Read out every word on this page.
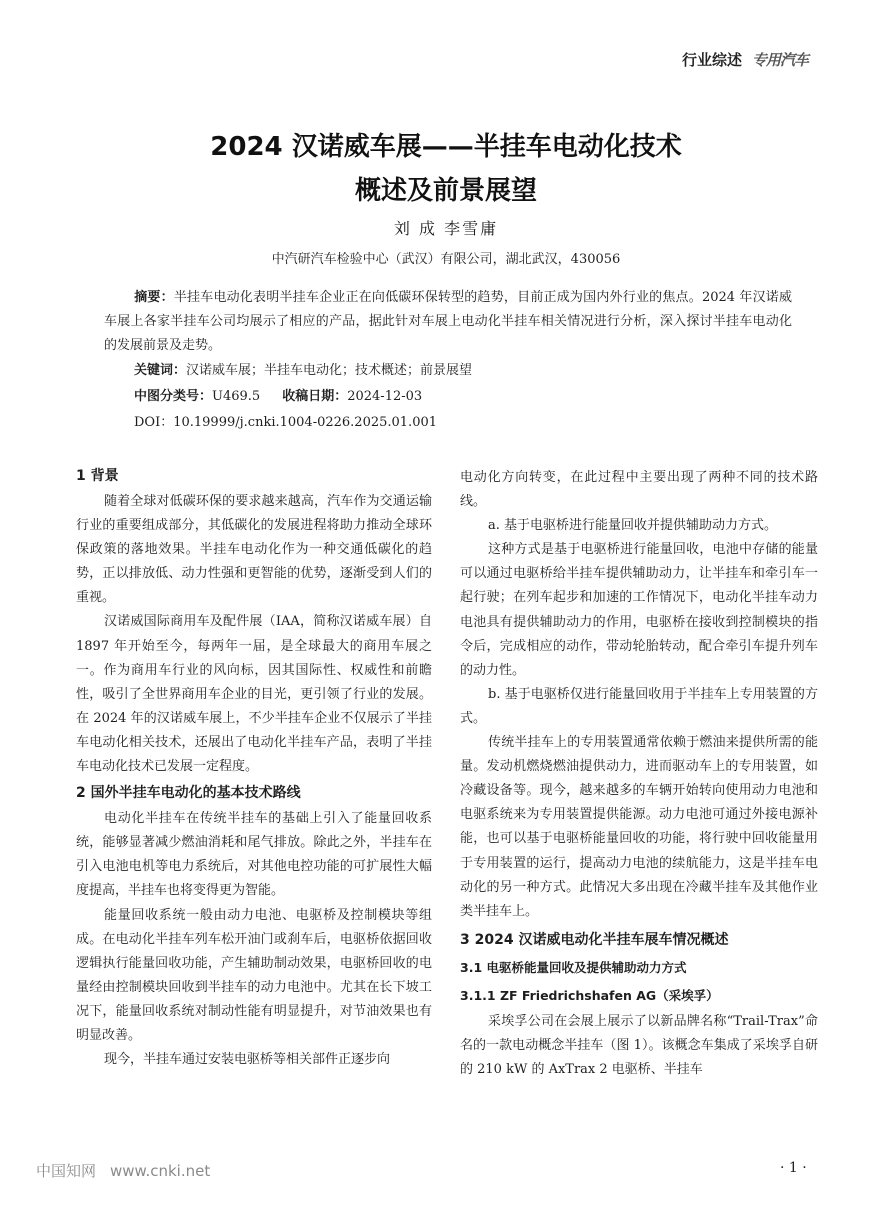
行业综述 专用汽车
2024 汉诺威车展——半挂车电动化技术
概述及前景展望
刘 成 李雪庸
中汽研汽车检验中心（武汉）有限公司，湖北武汉，430056
摘要：半挂车电动化表明半挂车企业正在向低碳环保转型的趋势，目前正成为国内外行业的焦点。2024 年汉诺威车展上各家半挂车公司均展示了相应的产品，据此针对车展上电动化半挂车相关情况进行分析，深入探讨半挂车电动化的发展前景及走势。
关键词：汉诺威车展；半挂车电动化；技术概述；前景展望
中图分类号：U469.5 收稿日期：2024-12-03
DOI：10.19999/j.cnki.1004-0226.2025.01.001
1 背景

随着全球对低碳环保的要求越来越高，汽车作为交通运输行业的重要组成部分，其低碳化的发展进程将助力推动全球环保政策的落地效果。半挂车电动化作为一种交通低碳化的趋势，正以排放低、动力性强和更智能的优势，逐渐受到人们的重视。

汉诺威国际商用车及配件展（IAA，简称汉诺威车展）自 1897 年开始至今，每两年一届，是全球最大的商用车展之一。作为商用车行业的风向标，因其国际性、权威性和前瞻性，吸引了全世界商用车企业的目光，更引领了行业的发展。在 2024 年的汉诺威车展上，不少半挂车企业不仅展示了半挂车电动化相关技术，还展出了电动化半挂车产品，表明了半挂车电动化技术已发展一定程度。

2 国外半挂车电动化的基本技术路线

电动化半挂车在传统半挂车的基础上引入了能量回收系统，能够显著减少燃油消耗和尾气排放。除此之外，半挂车在引入电池电机等电力系统后，对其他电控功能的可扩展性大幅度提高，半挂车也将变得更为智能。

能量回收系统一般由动力电池、电驱桥及控制模块等组成。在电动化半挂车列车松开油门或刹车后，电驱桥依据回收逻辑执行能量回收功能，产生辅助制动效果，电驱桥回收的电量经由控制模块回收到半挂车的动力电池中。尤其在长下坡工况下，能量回收系统对制动性能有明显提升，对节油效果也有明显改善。

现今，半挂车通过安装电驱桥等相关部件正逐步向

电动化方向转变，在此过程中主要出现了两种不同的技术路线。

a. 基于电驱桥进行能量回收并提供辅助动力方式。

这种方式是基于电驱桥进行能量回收，电池中存储的能量可以通过电驱桥给半挂车提供辅助动力，让半挂车和牵引车一起行驶；在列车起步和加速的工作情况下，电动化半挂车动力电池具有提供辅助动力的作用，电驱桥在接收到控制模块的指令后，完成相应的动作，带动轮胎转动，配合牵引车提升列车的动力性。

b. 基于电驱桥仅进行能量回收用于半挂车上专用装置的方式。

传统半挂车上的专用装置通常依赖于燃油来提供所需的能量。发动机燃烧燃油提供动力，进而驱动车上的专用装置，如冷藏设备等。现今，越来越多的车辆开始转向使用动力电池和电驱系统来为专用装置提供能源。动力电池可通过外接电源补能，也可以基于电驱桥能量回收的功能，将行驶中回收能量用于专用装置的运行，提高动力电池的续航能力，这是半挂车电动化的另一种方式。此情况大多出现在冷藏半挂车及其他作业类半挂车上。

3 2024 汉诺威电动化半挂车展车情况概述
3.1 电驱桥能量回收及提供辅助动力方式
3.1.1 ZF Friedrichshafen AG（采埃孚）

采埃孚公司在会展上展示了以新品牌名称“Trail-Trax”命名的一款电动概念半挂车（图 1）。该概念车集成了采埃孚自研的 210 kW 的 AxTrax 2 电驱桥、半挂车

中国知网 www.cnki.net	· 1 ·
